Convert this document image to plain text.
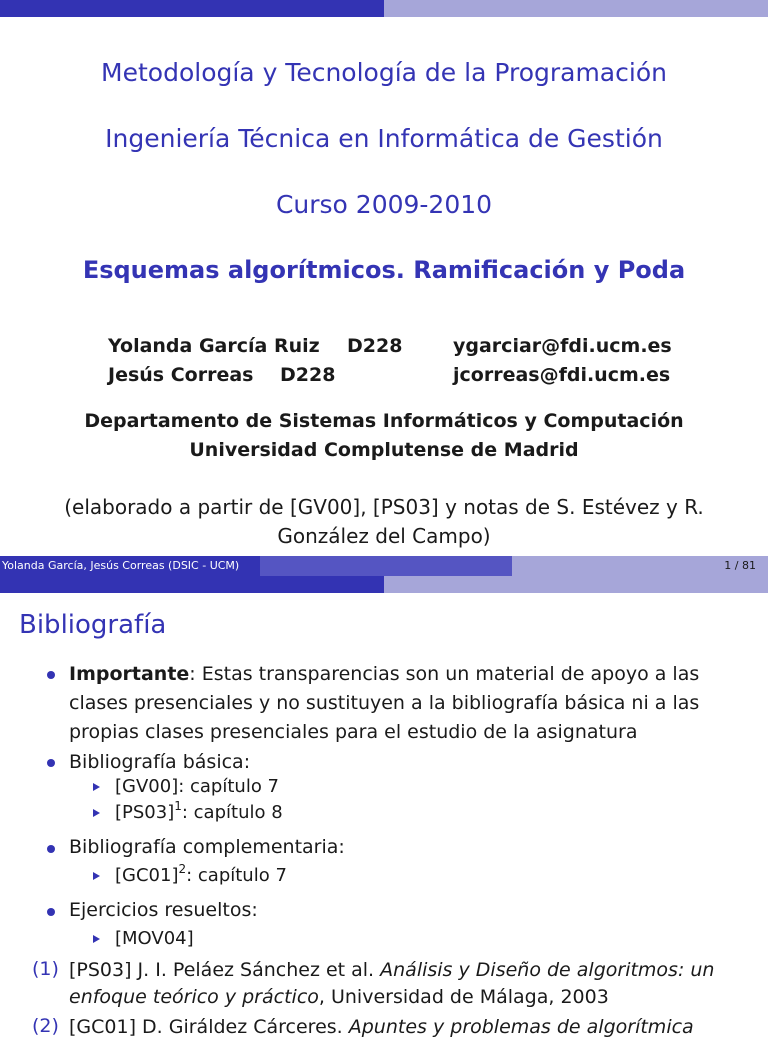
Metodología y Tecnología de la Programación
Ingeniería Técnica en Informática de Gestión
Curso 2009-2010
Esquemas algorítmicos. Ramificación y Poda
Yolanda García Ruiz D228	ygarciar@fdi.ucm.es
Jesús Correas D228	jcorreas@fdi.ucm.es
Departamento de Sistemas Informáticos y Computación
Universidad Complutense de Madrid
(elaborado a partir de [GV00], [PS03] y notas de S. Estévez y R. González del Campo)
Yolanda García, Jesús Correas (DSIC - UCM)	1 / 81
Bibliografía
Importante: Estas transparencias son un material de apoyo a las
clases presenciales y no sustituyen a la bibliografía básica ni a las
propias clases presenciales para el estudio de la asignatura
Bibliografía básica:
[GV00]: capítulo 7
$[PS03]^1$: capítulo 8
Bibliografía complementaria:
$[GC01]^2$: capítulo 7
Ejercicios resueltos:
[MOV04]
(1) [PS03] J. I. Peláez Sánchez et al. Análisis y Diseño de algoritmos: un
enfoque teórico y práctico, Universidad de Málaga, 2003
(2) [GC01] D. Giráldez Cárceres. Apuntes y problemas de algorítmica
